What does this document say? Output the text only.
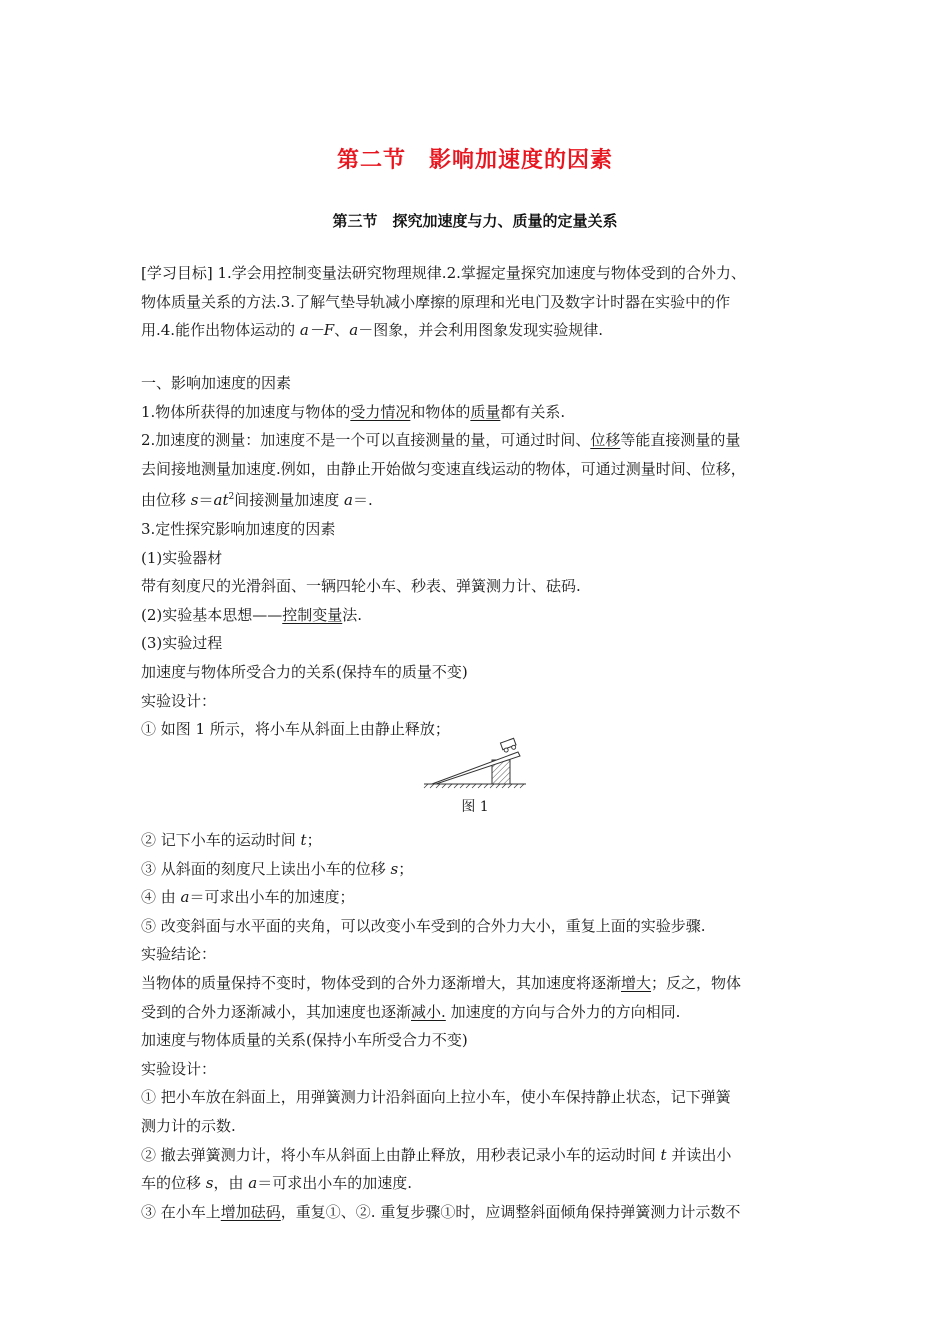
第二节　影响加速度的因素
第三节　探究加速度与力、质量的定量关系

[学习目标] 1.学会用控制变量法研究物理规律.2.掌握定量探究加速度与物体受到的合外力、

物体质量关系的方法.3.了解气垫导轨减小摩擦的原理和光电门及数字计时器在实验中的作

用.4.能作出物体运动的 a－F、a－图象，并会利用图象发现实验规律.

一、影响加速度的因素

1.物体所获得的加速度与物体的受力情况和物体的质量都有关系.

2.加速度的测量：加速度不是一个可以直接测量的量，可通过时间、位移等能直接测量的量

去间接地测量加速度.例如，由静止开始做匀变速直线运动的物体，可通过测量时间、位移，

由位移 $s=at^2$间接测量加速度 a＝.

3.定性探究影响加速度的因素

(1)实验器材

带有刻度尺的光滑斜面、一辆四轮小车、秒表、弹簧测力计、砝码.

(2)实验基本思想——控制变量法.

(3)实验过程

加速度与物体所受合力的关系(保持车的质量不变)

实验设计：

① 如图 1 所示，将小车从斜面上由静止释放；

图 1

② 记下小车的运动时间 t；

③ 从斜面的刻度尺上读出小车的位移 s；

④ 由 a＝可求出小车的加速度；

⑤ 改变斜面与水平面的夹角，可以改变小车受到的合外力大小，重复上面的实验步骤.

实验结论：

当物体的质量保持不变时，物体受到的合外力逐渐增大，其加速度将逐渐增大；反之，物体

受到的合外力逐渐减小，其加速度也逐渐减小. 加速度的方向与合外力的方向相同.

加速度与物体质量的关系(保持小车所受合力不变)

实验设计：

① 把小车放在斜面上，用弹簧测力计沿斜面向上拉小车，使小车保持静止状态，记下弹簧

测力计的示数.

② 撤去弹簧测力计，将小车从斜面上由静止释放，用秒表记录小车的运动时间 t 并读出小

车的位移 s，由 a＝可求出小车的加速度.

③ 在小车上增加砝码，重复①、②. 重复步骤①时，应调整斜面倾角保持弹簧测力计示数不
